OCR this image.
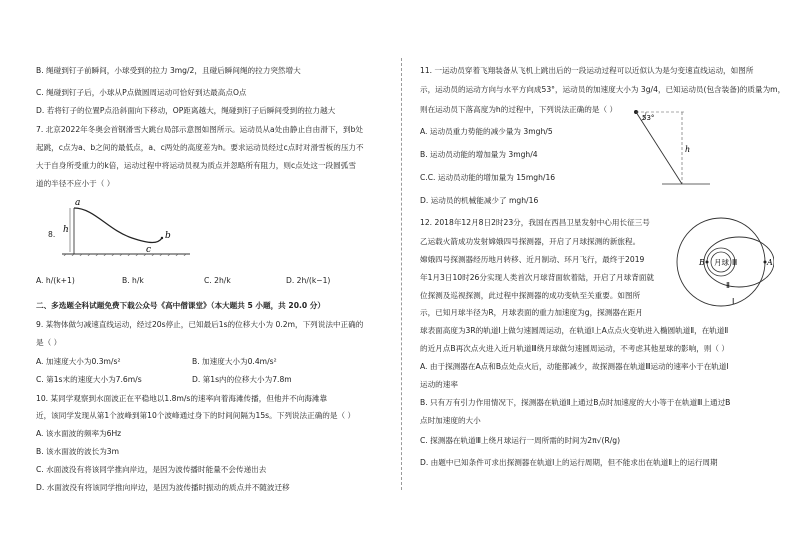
B. 绳碰到钉子前瞬间，小球受到的拉力 3mg/2，且碰后瞬间绳的拉力突然增大
C. 绳碰到钉子后，小球从P点做圆周运动可恰好到达最高点O点
D. 若将钉子的位置P点沿斜面向下移动，OP距离越大，绳碰到钉子后瞬间受到的拉力越大
7. 北京2022年冬奥会首钢滑雪大跳台局部示意图如图所示。运动员从a处由静止自由滑下，到b处
起跳，c点为a、b之间的最低点，a、c两处的高度差为h。要求运动员经过c点时对滑雪板的压力不
大于自身所受重力的k倍，运动过程中将运动员视为质点并忽略所有阻力，则c点处这一段圆弧雪
道的半径不应小于（ ）
8.
a
h
b
c
A. h/(k+1)	B. h/k	C. 2h/k	D. 2h/(k−1)
二、多选题全科试题免费下载公众号《高中僧课堂》（本大题共 5 小题，共 20.0 分）
9. 某物体做匀减速直线运动，经过20s停止，已知最后1s的位移大小为 0.2m，下列说法中正确的
是（ ）
A. 加速度大小为0.3m/s²	B. 加速度大小为0.4m/s²
C. 第1s末的速度大小为7.6m/s	D. 第1s内的位移大小为7.8m
10. 某同学观察到水面波正在平稳地以1.8m/s的速率向着海滩传播，但他并不向海滩靠
近，该同学发现从第1个波峰到第10个波峰通过身下的时间间隔为15s。下列说法正确的是（ ）
A. 该水面波的频率为6Hz
B. 该水面波的波长为3m
C. 水面波没有将该同学推向岸边，是因为波传播时能量不会传递出去
D. 水面波没有将该同学推向岸边，是因为波传播时振动的质点并不随波迁移
11. 一运动员穿着飞翔装备从飞机上跳出后的一段运动过程可以近似认为是匀变速直线运动，如图所
示，运动员的运动方向与水平方向成53°，运动员的加速度大小为 3g/4，已知运动员(包含装备)的质量为m，
则在运动员下落高度为h的过程中，下列说法正确的是（ ）
A. 运动员重力势能的减少量为 3mgh/5
B. 运动员动能的增加量为 3mgh/4
C.C. 运动员动能的增加量为 15mgh/16
D. 运动员的机械能减少了 mgh/16
53°
h
12. 2018年12月8日2时23分，我国在西昌卫星发射中心用长征三号
乙运载火箭成功发射嫦娥四号探测器，开启了月球探测的新旅程。
嫦娥四号探测器经历地月转移、近月制动、环月飞行，最终于2019
年1月3日10时26分实现人类首次月球背面软着陆，开启了月球背面就
位探测及巡视探测，此过程中探测器的成功变轨至关重要。如图所
示，已知月球半径为R，月球表面的重力加速度为g，探测器在距月
球表面高度为3R的轨道Ⅰ上做匀速圆周运动，在轨道Ⅰ上A点点火变轨进入椭圆轨道Ⅱ，在轨道Ⅱ
的近月点B再次点火进入近月轨道Ⅲ绕月球做匀速圆周运动，不考虑其他星球的影响，则（ ）
A. 由于探测器在A点和B点处点火后，动能都减少，故探测器在轨道Ⅲ运动的速率小于在轨道Ⅰ
运动的速率
B. 只有万有引力作用情况下，探测器在轨道Ⅱ上通过B点时加速度的大小等于在轨道Ⅲ上通过B
点时加速度的大小
C. 探测器在轨道Ⅲ上绕月球运行一周所需的时间为2π√(R/g)
D. 由题中已知条件可求出探测器在轨道Ⅰ上的运行周期，但不能求出在轨道Ⅱ上的运行周期
月球 Ⅲ
B	A
Ⅱ
Ⅰ
